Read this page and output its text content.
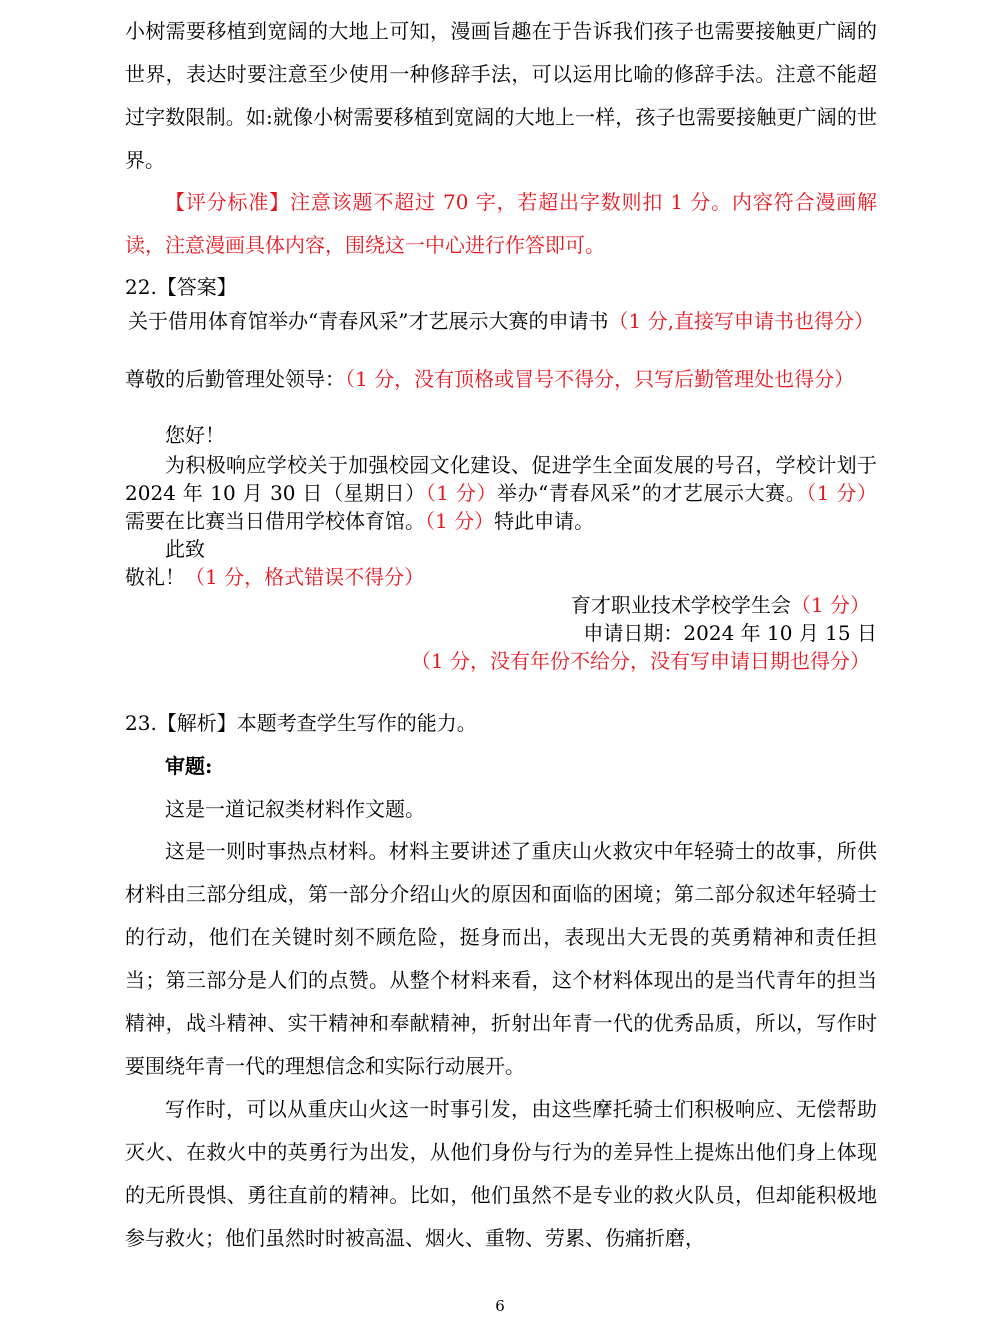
小树需要移植到宽阔的大地上可知，漫画旨趣在于告诉我们孩子也需要接触更广阔的世界，表达时要注意至少使用一种修辞手法，可以运用比喻的修辞手法。注意不能超过字数限制。如:就像小树需要移植到宽阔的大地上一样，孩子也需要接触更广阔的世界。
【评分标准】注意该题不超过 70 字，若超出字数则扣 1 分。内容符合漫画解读，注意漫画具体内容，围绕这一中心进行作答即可。
22.【答案】
关于借用体育馆举办“青春风采”才艺展示大赛的申请书（1 分,直接写申请书也得分）
尊敬的后勤管理处领导：（1 分，没有顶格或冒号不得分，只写后勤管理处也得分）
您好！
为积极响应学校关于加强校园文化建设、促进学生全面发展的号召，学校计划于 2024 年 10 月 30 日（星期日）（1 分）举办“青春风采”的才艺展示大赛。（1 分）需要在比赛当日借用学校体育馆。（1 分）特此申请。
此致
敬礼！（1 分，格式错误不得分）
育才职业技术学校学生会（1 分）
申请日期：2024 年 10 月 15 日
（1 分，没有年份不给分，没有写申请日期也得分）
23.【解析】本题考查学生写作的能力。
审题:
这是一道记叙类材料作文题。
这是一则时事热点材料。材料主要讲述了重庆山火救灾中年轻骑士的故事，所供材料由三部分组成，第一部分介绍山火的原因和面临的困境；第二部分叙述年轻骑士的行动，他们在关键时刻不顾危险，挺身而出，表现出大无畏的英勇精神和责任担当；第三部分是人们的点赞。从整个材料来看，这个材料体现出的是当代青年的担当精神，战斗精神、实干精神和奉献精神，折射出年青一代的优秀品质，所以，写作时要围绕年青一代的理想信念和实际行动展开。
写作时，可以从重庆山火这一时事引发，由这些摩托骑士们积极响应、无偿帮助灭火、在救火中的英勇行为出发，从他们身份与行为的差异性上提炼出他们身上体现的无所畏惧、勇往直前的精神。比如，他们虽然不是专业的救火队员，但却能积极地参与救火；他们虽然时时被高温、烟火、重物、劳累、伤痛折磨，
6
